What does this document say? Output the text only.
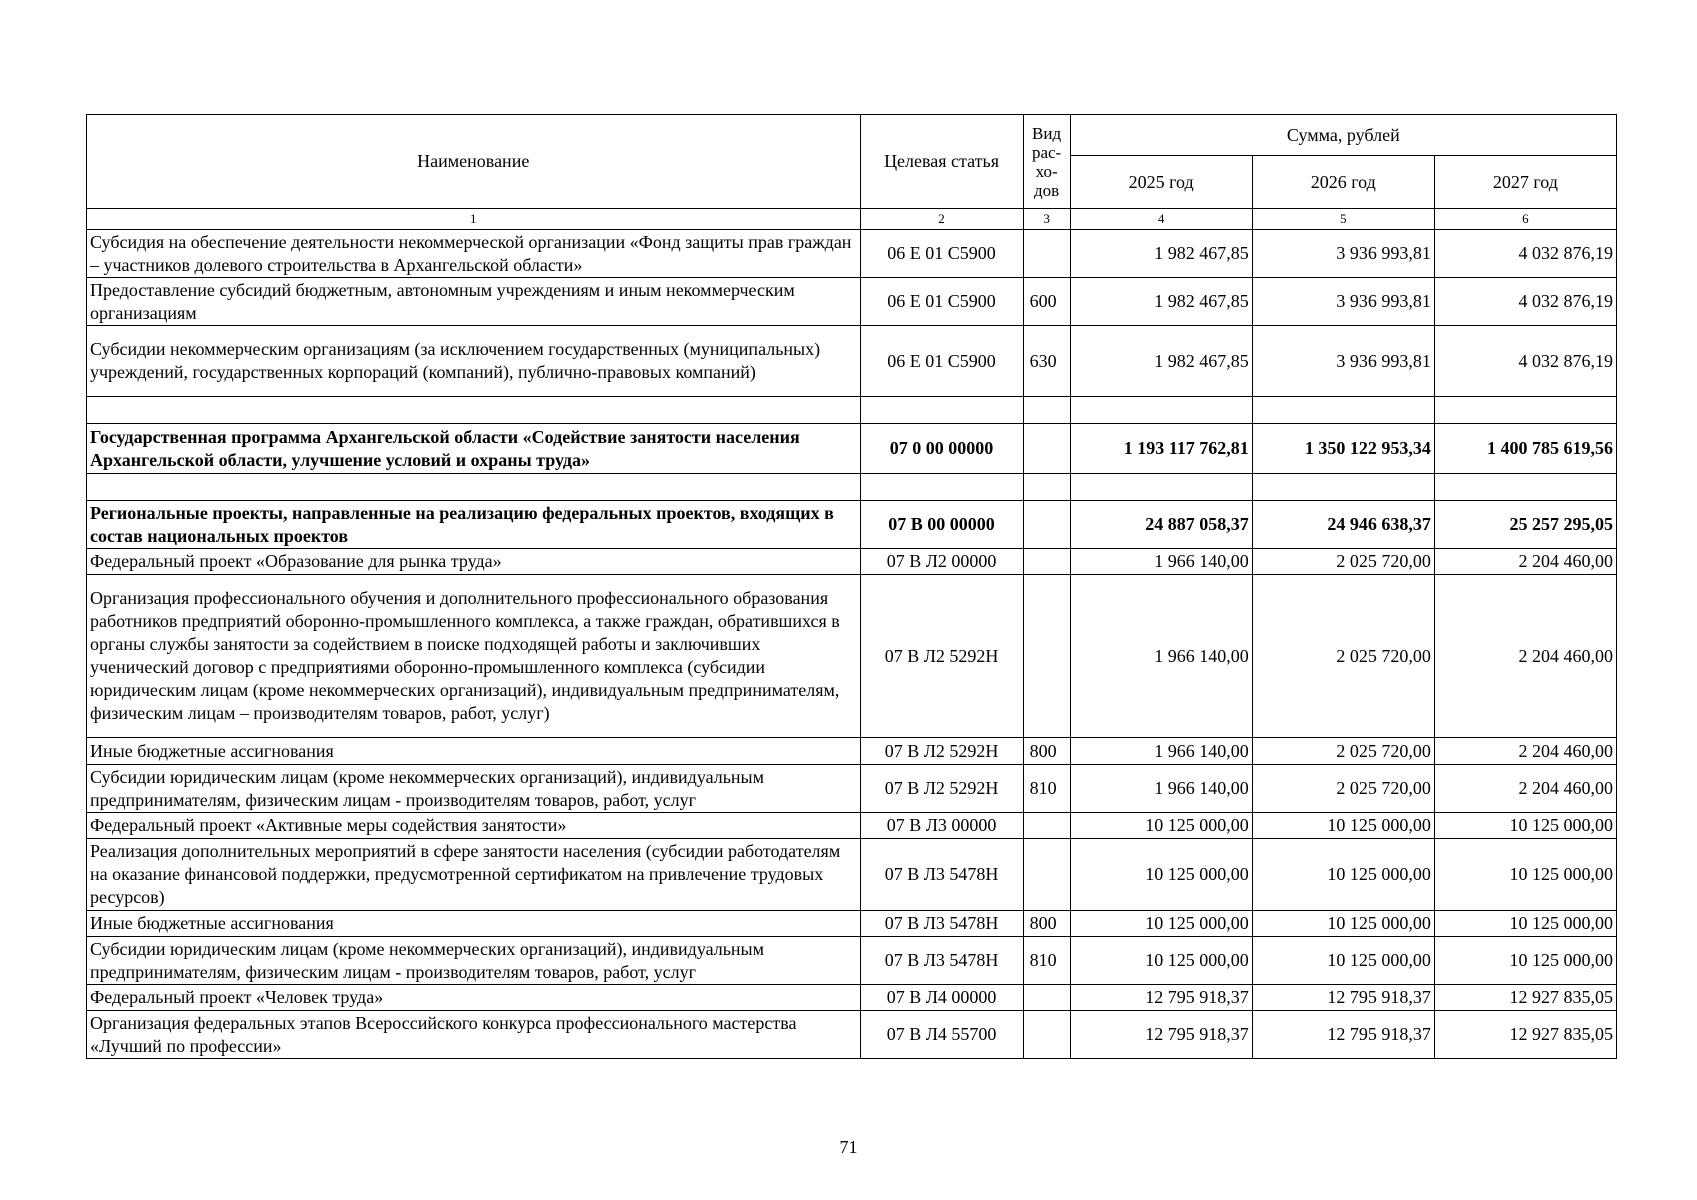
Наименование	Целевая статья	Вид рас-хо-дов	Сумма, рублей		
			2025 год	2026 год	2027 год
1	2	3	4	5	6
Субсидия на обеспечение деятельности некоммерческой организации «Фонд защиты прав граждан – участников долевого строительства в Архангельской области»	06 Е 01 С5900		1 982 467,85	3 936 993,81	4 032 876,19
Предоставление субсидий бюджетным, автономным учреждениям и иным некоммерческим организациям	06 Е 01 С5900	600	1 982 467,85	3 936 993,81	4 032 876,19
Субсидии некоммерческим организациям (за исключением государственных (муниципальных) учреждений, государственных корпораций (компаний), публично-правовых компаний)	06 Е 01 С5900	630	1 982 467,85	3 936 993,81	4 032 876,19

Государственная программа Архангельской области «Содействие занятости населения Архангельской области, улучшение условий и охраны труда»	07 0 00 00000		1 193 117 762,81	1 350 122 953,34	1 400 785 619,56

Региональные проекты, направленные на реализацию федеральных проектов, входящих в состав национальных проектов	07 В 00 00000		24 887 058,37	24 946 638,37	25 257 295,05
Федеральный проект «Образование для рынка труда»	07 В Л2 00000		1 966 140,00	2 025 720,00	2 204 460,00
Организация профессионального обучения и дополнительного профессионального образования работников предприятий оборонно-промышленного комплекса, а также граждан, обратившихся в органы службы занятости за содействием в поиске подходящей работы и заключивших ученический договор с предприятиями оборонно-промышленного комплекса (субсидии юридическим лицам (кроме некоммерческих организаций), индивидуальным предпринимателям, физическим лицам – производителям товаров, работ, услуг)	07 В Л2 5292Н		1 966 140,00	2 025 720,00	2 204 460,00
Иные бюджетные ассигнования	07 В Л2 5292Н	800	1 966 140,00	2 025 720,00	2 204 460,00
Субсидии юридическим лицам (кроме некоммерческих организаций), индивидуальным предпринимателям, физическим лицам - производителям товаров, работ, услуг	07 В Л2 5292Н	810	1 966 140,00	2 025 720,00	2 204 460,00
Федеральный проект «Активные меры содействия занятости»	07 В Л3 00000		10 125 000,00	10 125 000,00	10 125 000,00
Реализация дополнительных мероприятий в сфере занятости населения (субсидии работодателям на оказание финансовой поддержки, предусмотренной сертификатом на привлечение трудовых ресурсов)	07 В Л3 5478Н		10 125 000,00	10 125 000,00	10 125 000,00
Иные бюджетные ассигнования	07 В Л3 5478Н	800	10 125 000,00	10 125 000,00	10 125 000,00
Субсидии юридическим лицам (кроме некоммерческих организаций), индивидуальным предпринимателям, физическим лицам - производителям товаров, работ, услуг	07 В Л3 5478Н	810	10 125 000,00	10 125 000,00	10 125 000,00
Федеральный проект «Человек труда»	07 В Л4 00000		12 795 918,37	12 795 918,37	12 927 835,05
Организация федеральных этапов Всероссийского конкурса профессионального мастерства «Лучший по профессии»	07 В Л4 55700		12 795 918,37	12 795 918,37	12 927 835,05
71
